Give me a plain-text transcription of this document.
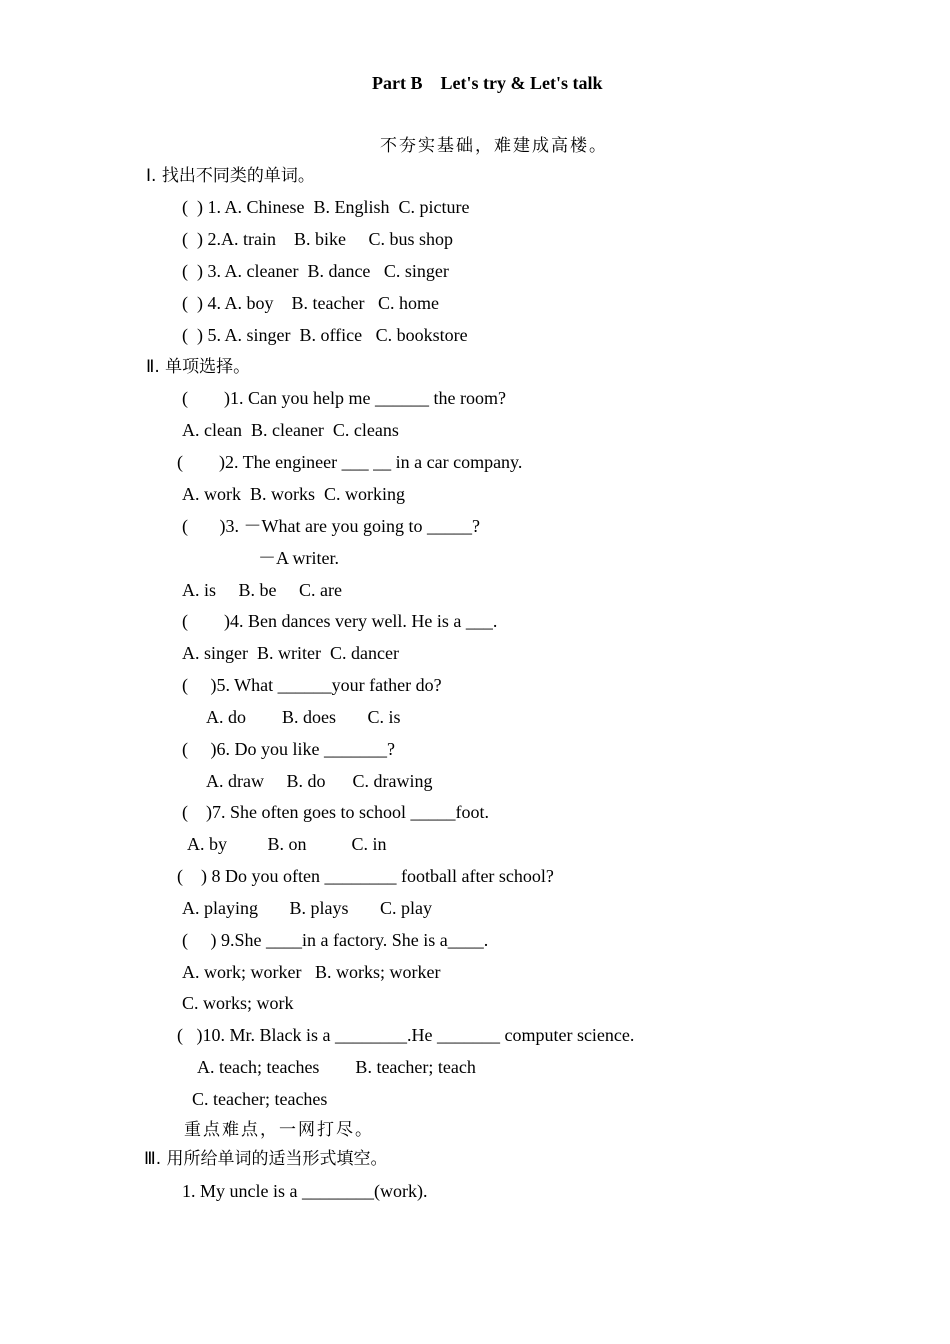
Part B    Let's try & Let's talk
不夯实基础，难建成高楼。
Ⅰ. 找出不同类的单词。
(  ) 1. A. Chinese  B. English  C. picture
(  ) 2.A. train    B. bike     C. bus shop
(  ) 3. A. cleaner  B. dance   C. singer
(  ) 4. A. boy    B. teacher   C. home
(  ) 5. A. singer  B. office   C. bookstore
Ⅱ. 单项选择。
(        )1. Can you help me ______ the room?
A. clean  B. cleaner  C. cleans
(        )2. The engineer ___ __ in a car company.
A. work  B. works  C. working
(       )3. －What are you going to _____?
－A writer.
A. is     B. be     C. are
(        )4. Ben dances very well. He is a ___.
A. singer  B. writer  C. dancer
(     )5. What ______your father do?
A. do        B. does       C. is
(     )6. Do you like _______?
A. draw     B. do      C. drawing
(    )7. She often goes to school _____foot.
A. by         B. on          C. in
(    ) 8 Do you often ________ football after school?
A. playing       B. plays       C. play
(     ) 9.She ____in a factory. She is a____.
A. work; worker   B. works; worker
C. works; work
(   )10. Mr. Black is a ________.He _______ computer science.
A. teach; teaches        B. teacher; teach
C. teacher; teaches
重点难点，一网打尽。
Ⅲ. 用所给单词的适当形式填空。
1. My uncle is a ________(work).
